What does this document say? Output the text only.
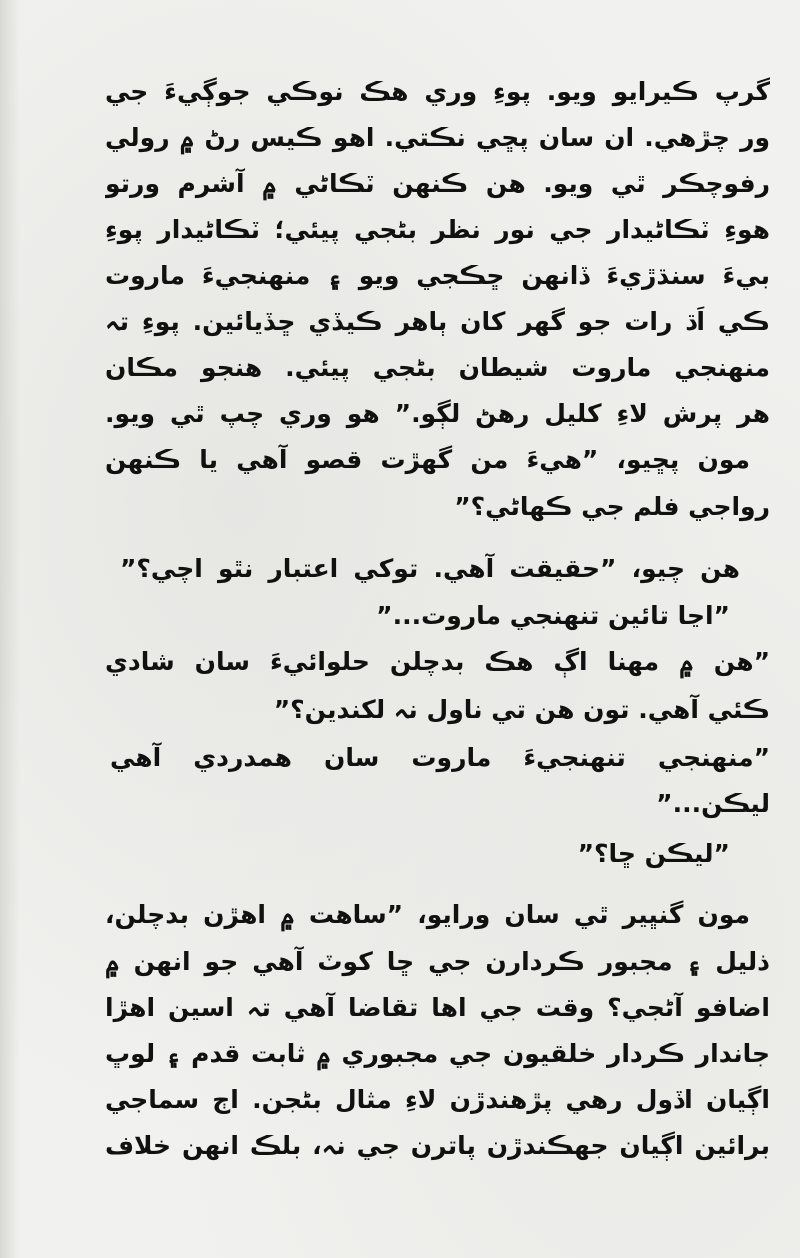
گرپ ڪيرايو ويو. پوءِ وري هڪ نوڪي جوڳيءَ جي
ور چڙهي. ان سان پڇي نڪتي. اهو ڪيس رڻ ۾ رولي
رفوچڪر ٿي ويو. هن ڪنهن ٽڪاڻي ۾ آشرم ورتو
هوءِ ٽڪاڻيدار جي نور نظر بڻجي پيئي؛ ٽڪاڻيدار پوءِ
بيءَ سنڌڙيءَ ڏانهن ڇڪجي ويو ۽ منهنجيءَ ماروت
ڪي اَڌ رات جو گهر کان ٻاهر ڪيڏي ڇڏيائين. پوءِ تہ
منهنجي ماروت شيطان بڻجي پيئي. هنجو مڪان
هر پرش لاءِ کليل رهڻ لڳو.” هو وري چپ ٿي ويو.
مون پڇيو، ”هيءَ من گهڙت قصو آهي يا ڪنهن
رواجي فلم جي ڪهاڻي؟”
هن چيو، ”حقيقت آهي. توکي اعتبار نٿو اچي؟”
”اڃا تائين تنهنجي ماروت...”
”هن ۾ مهنا اڳ هڪ بدچلن حلوائيءَ سان شادي
ڪئي آهي. تون هن تي ناول نہ لکندين؟”
”منهنجي تنهنجيءَ ماروت سان همدردي آهي
ليڪن...”
”ليڪن ڇا؟”
مون گنڀير ٿي سان ورايو، ”ساهت ۾ اهڙن بدچلن،
ذليل ۽ مجبور ڪردارن جي ڇا کوٽ آهي جو انهن ۾
اضافو آڻجي؟ وقت جي اها تقاضا آهي تہ اسين اهڙا
جاندار ڪردار خلقيون جي مجبوري ۾ ثابت قدم ۽ لوڀ
اڳيان اڏول رهي پڙهندڙن لاءِ مثال بڻجن. اڄ سماجي
برائين اڳيان جهڪندڙن پاترن جي نہ، بلڪ انهن خلاف
